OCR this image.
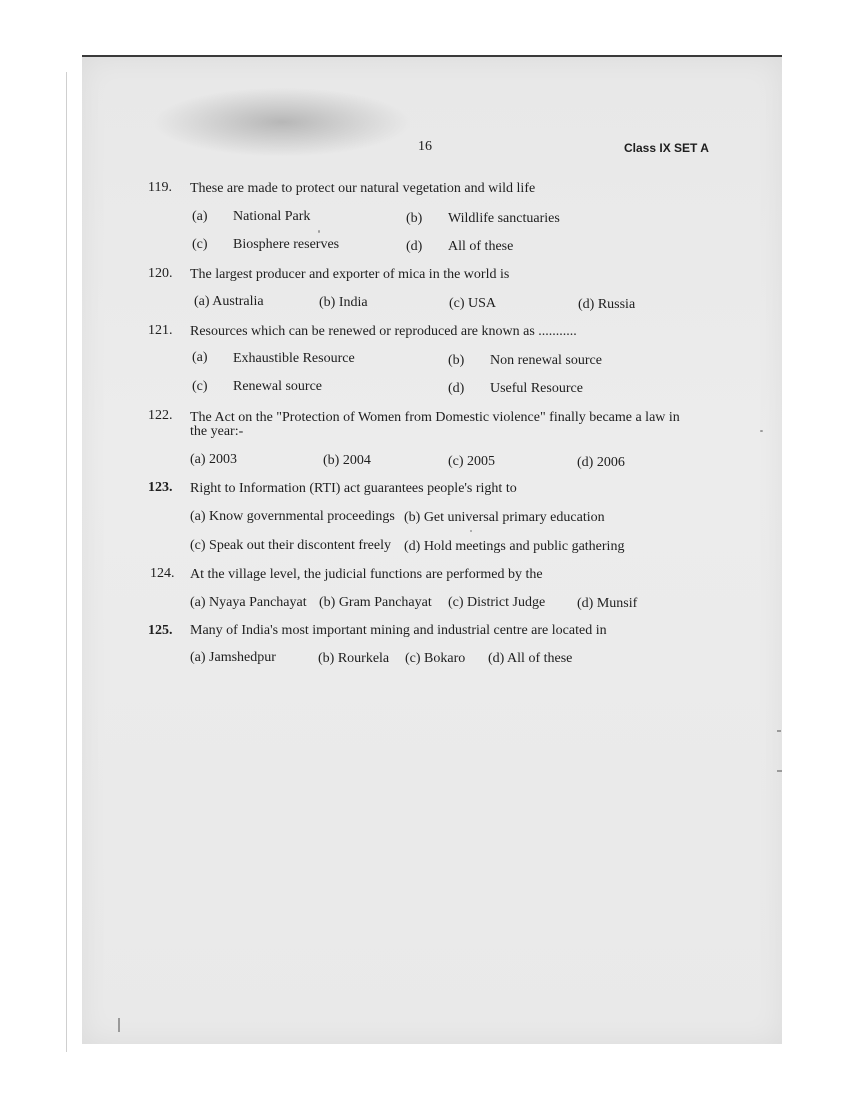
16	Class IX SET A
119. These are made to protect our natural vegetation and wild life
(a) National Park	(b) Wildlife sanctuaries
(c) Biosphere reserves	(d) All of these
120. The largest producer and exporter of mica in the world is
(a) Australia	(b) India	(c) USA	(d) Russia
121. Resources which can be renewed or reproduced are known as ...........
(a) Exhaustible Resource	(b) Non renewal source
(c) Renewal source	(d) Useful Resource
122. The Act on the "Protection of Women from Domestic violence" finally became a law in
the year:-
(a) 2003	(b) 2004	(c) 2005	(d) 2006
123. Right to Information (RTI) act guarantees people's right to
(a) Know governmental proceedings (b) Get universal primary education
(c) Speak out their discontent freely (d) Hold meetings and public gathering
124. At the village level, the judicial functions are performed by the
(a) Nyaya Panchayat (b) Gram Panchayat (c) District Judge (d) Munsif
125. Many of India's most important mining and industrial centre are located in
(a) Jamshedpur	(b) Rourkela (c) Bokaro (d) All of these
